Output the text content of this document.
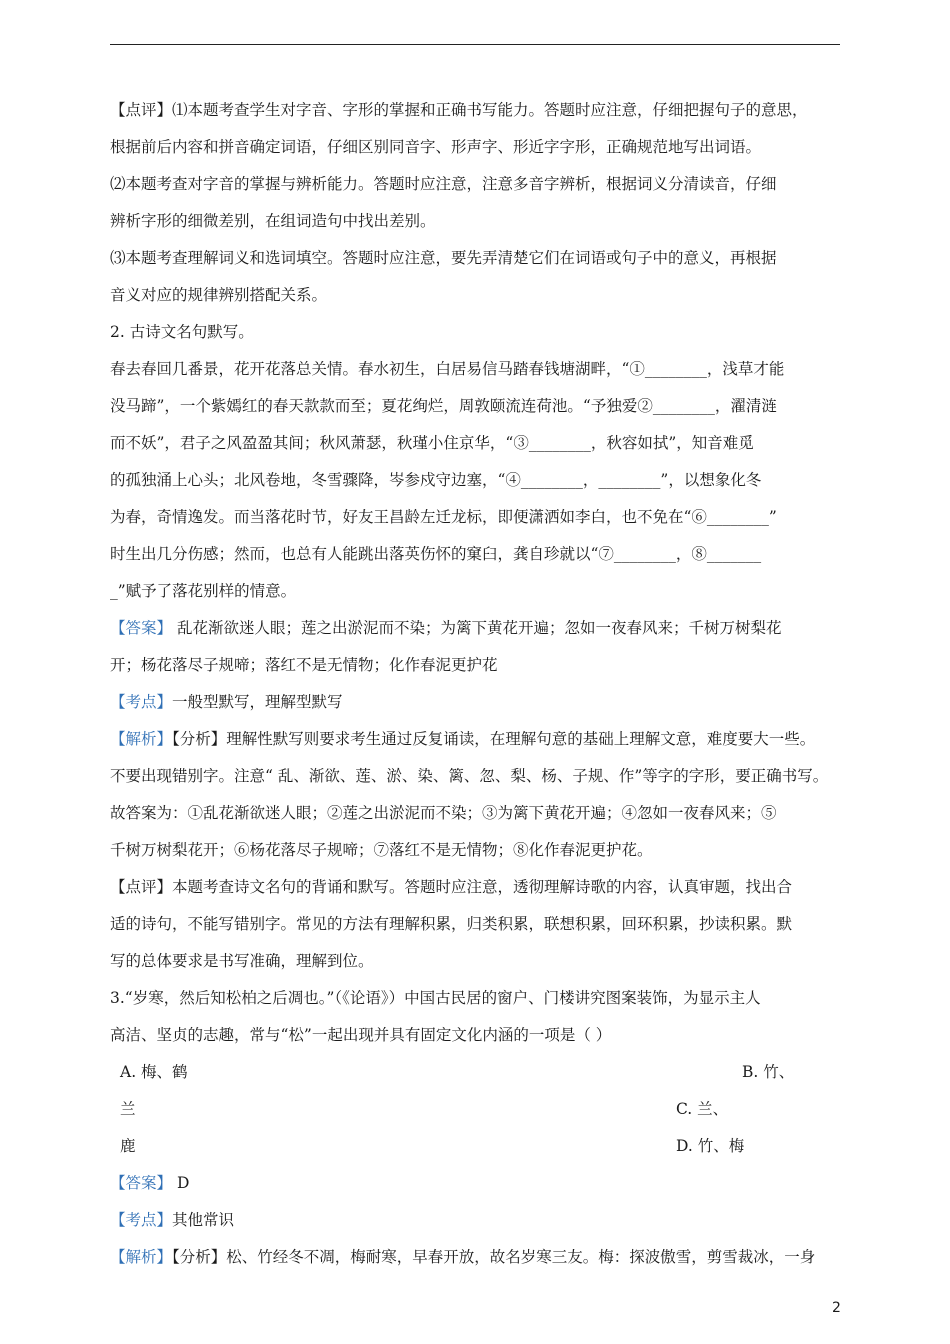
【点评】⑴本题考查学生对字音、字形的掌握和正确书写能力。答题时应注意，仔细把握句子的意思，

根据前后内容和拼音确定词语，仔细区别同音字、形声字、形近字字形，正确规范地写出词语。

⑵本题考查对字音的掌握与辨析能力。答题时应注意，注意多音字辨析，根据词义分清读音，仔细

辨析字形的细微差别，在组词造句中找出差别。

⑶本题考查理解词义和选词填空。答题时应注意，要先弄清楚它们在词语或句子中的意义，再根据

音义对应的规律辨别搭配关系。

2. 古诗文名句默写。

春去春回几番景，花开花落总关情。春水初生，白居易信马踏春钱塘湖畔，“①________，浅草才能

没马蹄”，一个紫嫣红的春天款款而至；夏花绚烂，周敦颐流连荷池。“予独爱②________，濯清涟

而不妖”，君子之风盈盈其间；秋风萧瑟，秋瑾小住京华，“③________，秋容如拭”，知音难觅

的孤独涌上心头；北风卷地，冬雪骤降，岑参戍守边塞，“④________，________”，以想象化冬

为春，奇情逸发。而当落花时节，好友王昌龄左迁龙标，即便潇洒如李白，也不免在“⑥________”

时生出几分伤感；然而，也总有人能跳出落英伤怀的窠臼，龚自珍就以“⑦________，⑧_______

_”赋予了落花别样的情意。

【答案】 乱花渐欲迷人眼；莲之出淤泥而不染；为篱下黄花开遍；忽如一夜春风来；千树万树梨花

开；杨花落尽子规啼；落红不是无情物；化作春泥更护花

【考点】一般型默写，理解型默写

【解析】【分析】理解性默写则要求考生通过反复诵读，在理解句意的基础上理解文意，难度要大一些。

不要出现错别字。注意“ 乱、渐欲、莲、淤、染、篱、忽、梨、杨、子规、作”等字的字形，要正确书写。

故答案为：①乱花渐欲迷人眼；②莲之出淤泥而不染；③为篱下黄花开遍；④忽如一夜春风来；⑤

千树万树梨花开；⑥杨花落尽子规啼；⑦落红不是无情物；⑧化作春泥更护花。

【点评】本题考查诗文名句的背诵和默写。答题时应注意，透彻理解诗歌的内容，认真审题，找出合

适的诗句，不能写错别字。常见的方法有理解积累，归类积累，联想积累，回环积累，抄读积累。默

写的总体要求是书写准确，理解到位。

3.“岁寒，然后知松柏之后凋也。”（《论语》）中国古民居的窗户、门楼讲究图案装饰，为显示主人

高洁、坚贞的志趣，常与“松”一起出现并具有固定文化内涵的一项是（ ）

A. 梅、鹤	B. 竹、
兰	C. 兰、
鹿	D. 竹、梅

【答案】 D

【考点】其他常识

【解析】【分析】松、竹经冬不凋，梅耐寒，早春开放，故名岁寒三友。梅：探波傲雪，剪雪裁冰，一身

2
